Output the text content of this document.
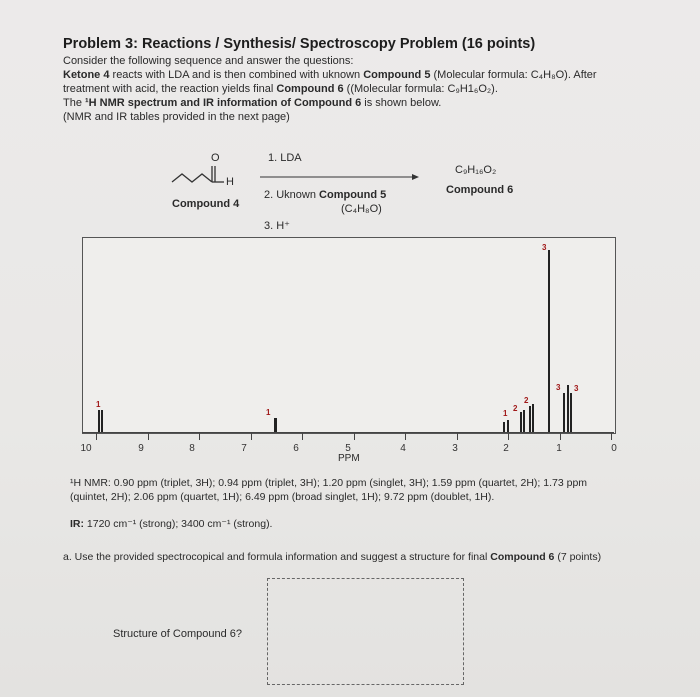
Problem 3: Reactions / Synthesis/ Spectroscopy Problem (16 points)
Consider the following sequence and answer the questions:
Ketone 4 reacts with LDA and is then combined with uknown Compound 5 (Molecular formula: C₄H₈O). After
treatment with acid, the reaction yields final Compound 6 ((Molecular formula: C₉H1₆O₂).
The ¹H NMR spectrum and IR information of Compound 6 is shown below.
(NMR and IR tables provided in the next page)
O
H
Compound 4
1. LDA
2. Uknown Compound 5
(C₄H₈O)
3. H⁺
C₉H₁₆O₂
Compound 6
10	9	8	7	6	5	4	3	2	1	0
PPM
1
1	1
2
2
3
3 3
¹H NMR: 0.90 ppm (triplet, 3H); 0.94 ppm (triplet, 3H); 1.20 ppm (singlet, 3H); 1.59 ppm (quartet, 2H); 1.73 ppm
(quintet, 2H); 2.06 ppm (quartet, 1H); 6.49 ppm (broad singlet, 1H); 9.72 ppm (doublet, 1H).
IR: 1720 cm⁻¹ (strong); 3400 cm⁻¹ (strong).
a. Use the provided spectrocopical and formula information and suggest a structure for final Compound 6 (7 points)
Structure of Compound 6?
